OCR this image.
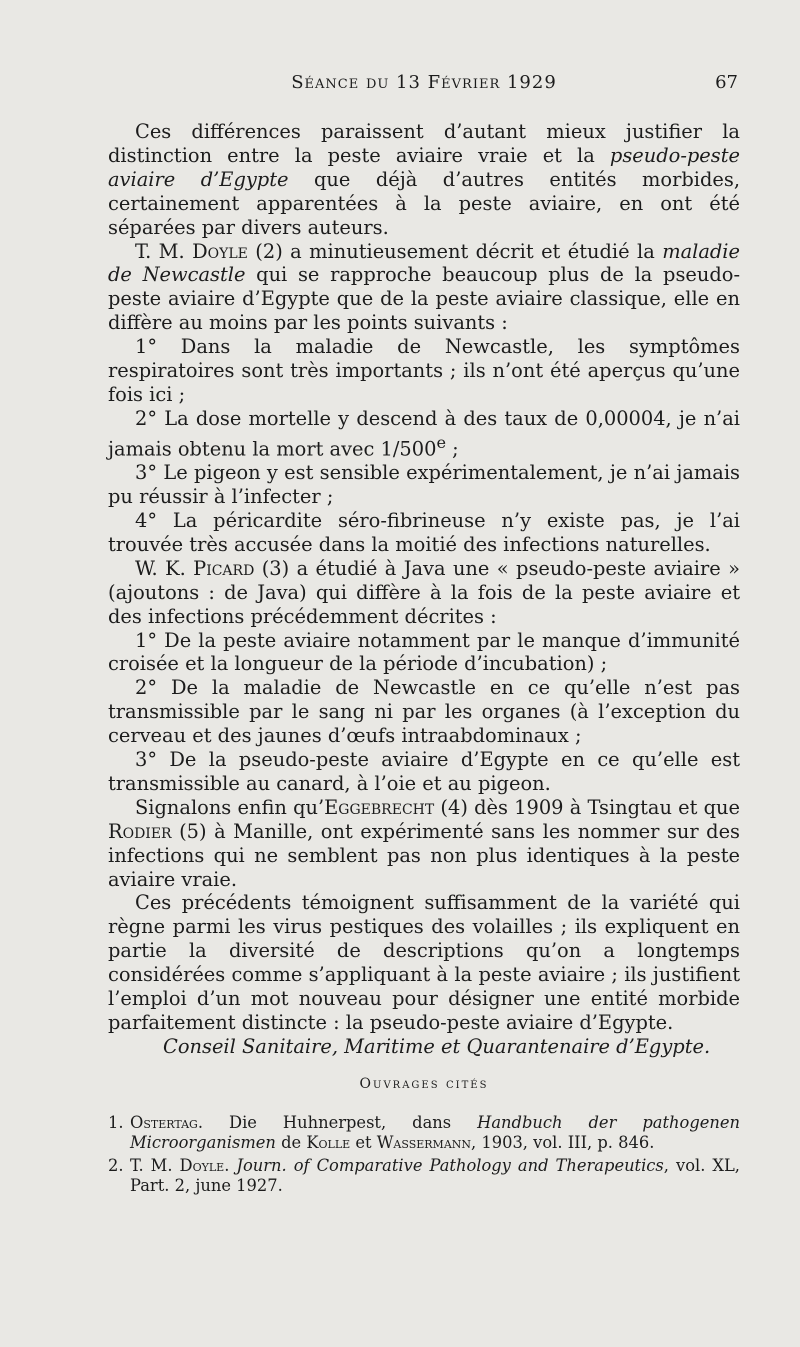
Séance du 13 Février 1929	67

Ces différences paraissent d’autant mieux justifier la distinction entre la peste aviaire vraie et la pseudo-peste aviaire d’Egypte que déjà d’autres entités morbides, certainement apparentées à la peste aviaire, en ont été séparées par divers auteurs.

T. M. Doyle (2) a minutieusement décrit et étudié la maladie de Newcastle qui se rapproche beaucoup plus de la pseudo-peste aviaire d’Egypte que de la peste aviaire classique, elle en diffère au moins par les points suivants :

1° Dans la maladie de Newcastle, les symptômes respiratoires sont très importants ; ils n’ont été aperçus qu’une fois ici ;

2° La dose mortelle y descend à des taux de 0,00004, je n’ai jamais obtenu la mort avec 1/500e ;

3° Le pigeon y est sensible expérimentalement, je n’ai jamais pu réussir à l’infecter ;

4° La péricardite séro-fibrineuse n’y existe pas, je l’ai trouvée très accusée dans la moitié des infections naturelles.

W. K. Picard (3) a étudié à Java une « pseudo-peste aviaire » (ajoutons : de Java) qui diffère à la fois de la peste aviaire et des infections précédemment décrites :

1° De la peste aviaire notamment par le manque d’immunité croisée et la longueur de la période d’incubation) ;

2° De la maladie de Newcastle en ce qu’elle n’est pas transmissible par le sang ni par les organes (à l’exception du cerveau et des jaunes d’œufs intraabdominaux ;

3° De la pseudo-peste aviaire d’Egypte en ce qu’elle est transmissible au canard, à l’oie et au pigeon.

Signalons enfin qu’Eggebrecht (4) dès 1909 à Tsingtau et que Rodier (5) à Manille, ont expérimenté sans les nommer sur des infections qui ne semblent pas non plus identiques à la peste aviaire vraie.

Ces précédents témoignent suffisamment de la variété qui règne parmi les virus pestiques des volailles ; ils expliquent en partie la diversité de descriptions qu’on a longtemps considérées comme s’appliquant à la peste aviaire ; ils justifient l’emploi d’un mot nouveau pour désigner une entité morbide parfaitement distincte : la pseudo-peste aviaire d’Egypte.

Conseil Sanitaire, Maritime et Quarantenaire d’Egypte.

Ouvrages cités
1. Ostertag. Die Huhnerpest, dans Handbuch der pathogenen Microorganismen de Kolle et Wassermann, 1903, vol. III, p. 846.
2. T. M. Doyle. Journ. of Comparative Pathology and Therapeutics, vol. XL, Part. 2, june 1927.
